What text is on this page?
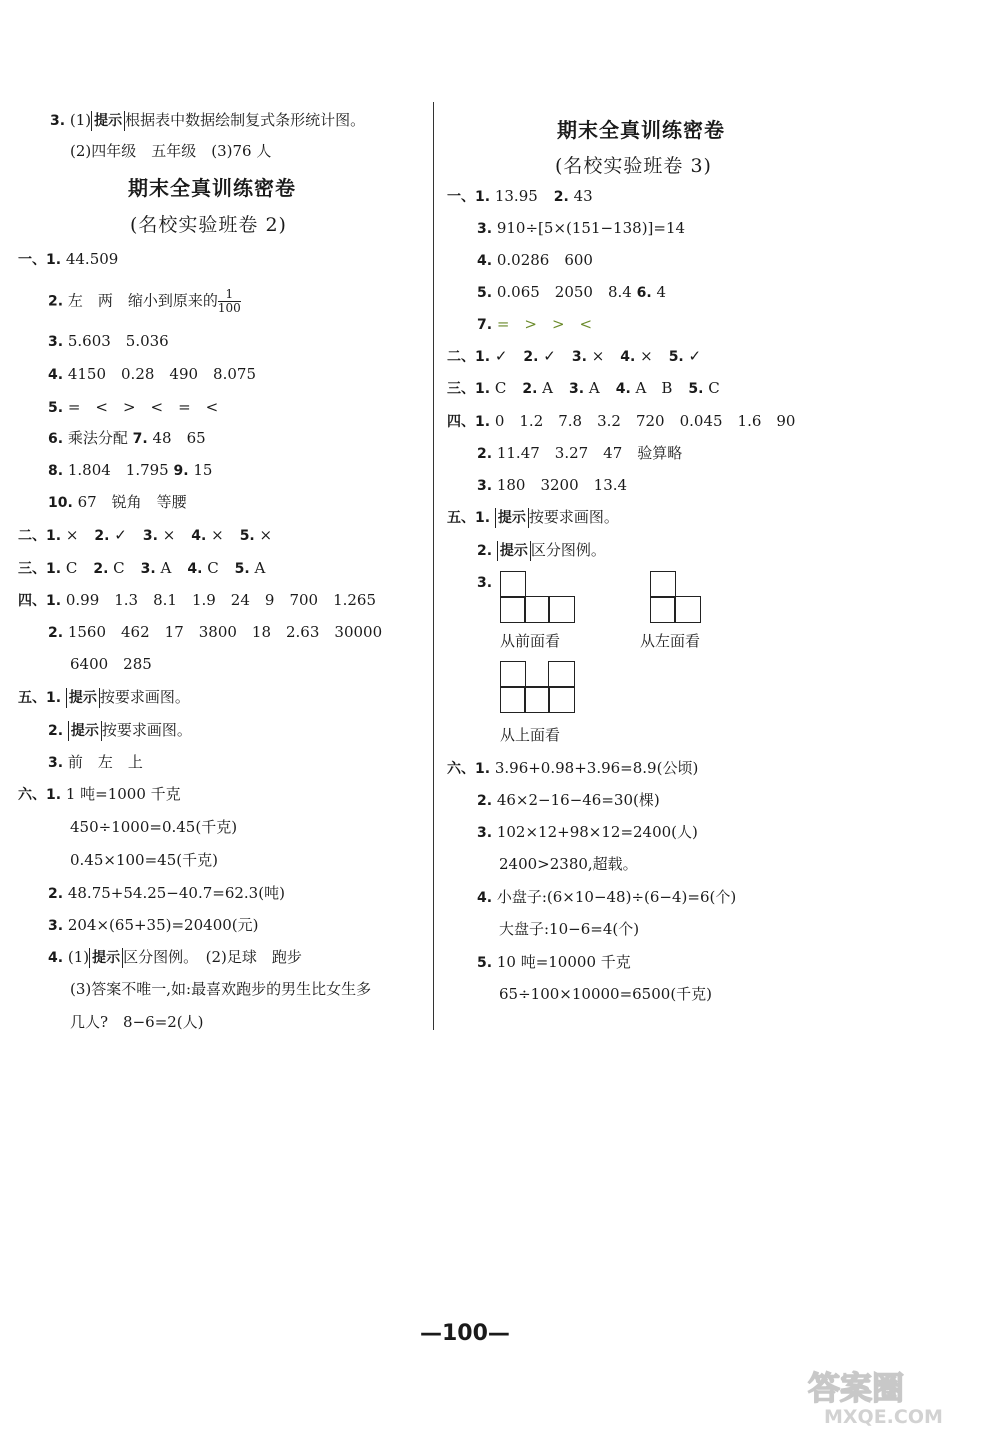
3. (1) 提示 根据表中数据绘制复式条形统计图。
(2)四年级　五年级　(3)76 人
期末全真训练密卷
(名校实验班卷 2)
一、1. 44.509
2. 左　两　缩小到原来的 $\frac{1}{100}$
3. 5.603　5.036
4. 4150　0.28　490　8.075
5. =　<　>　<　=　<
6. 乘法分配 7. 48　65
8. 1.804　1.795 9. 15
10. 67　锐角　等腰
二、1. × 2. ✓ 3. × 4. × 5. ×
三、1. C 2. C 3. A 4. C 5. A
四、1. 0.99　1.3　8.1　1.9　24　9　700　1.265
2. 1560　462　17　3800　18　2.63　30000
6400　285
五、1. 提示 按要求画图。
2. 提示 按要求画图。
3. 前　左　上
六、1. 1 吨=1000 千克
450÷1000=0.45(千克)
0.45×100=45(千克)
2. 48.75+54.25−40.7=62.3(吨)
3. 204×(65+35)=20400(元)
4. (1) 提示 区分图例。　(2)足球　跑步
(3)答案不唯一,如:最喜欢跑步的男生比女生多
几人?　8−6=2(人)
期末全真训练密卷
(名校实验班卷 3)
一、1. 13.95 2. 43
3. 910÷[5×(151−138)]=14
4. 0.0286　600
5. 0.065　2050　8.4 6. 4
7. =　>　>　<
二、1. ✓ 2. ✓ 3. × 4. × 5. ✓
三、1. C 2. A 3. A 4. A　B 5. C
四、1. 0　1.2　7.8　3.2　720　0.045　1.6　90
2. 11.47　3.27　47　验算略
3. 180　3200　13.4
五、1. 提示 按要求画图。
2. 提示 区分图例。
3.
从前面看	从左面看
从上面看
六、1. 3.96+0.98+3.96=8.9(公顷)
2. 46×2−16−46=30(棵)
3. 102×12+98×12=2400(人)
2400>2380,超载。
4. 小盘子:(6×10−48)÷(6−4)=6(个)
大盘子:10−6=4(个)
5. 10 吨=10000 千克
65÷100×10000=6500(千克)
—100—
答案圈
MXQE.COM
